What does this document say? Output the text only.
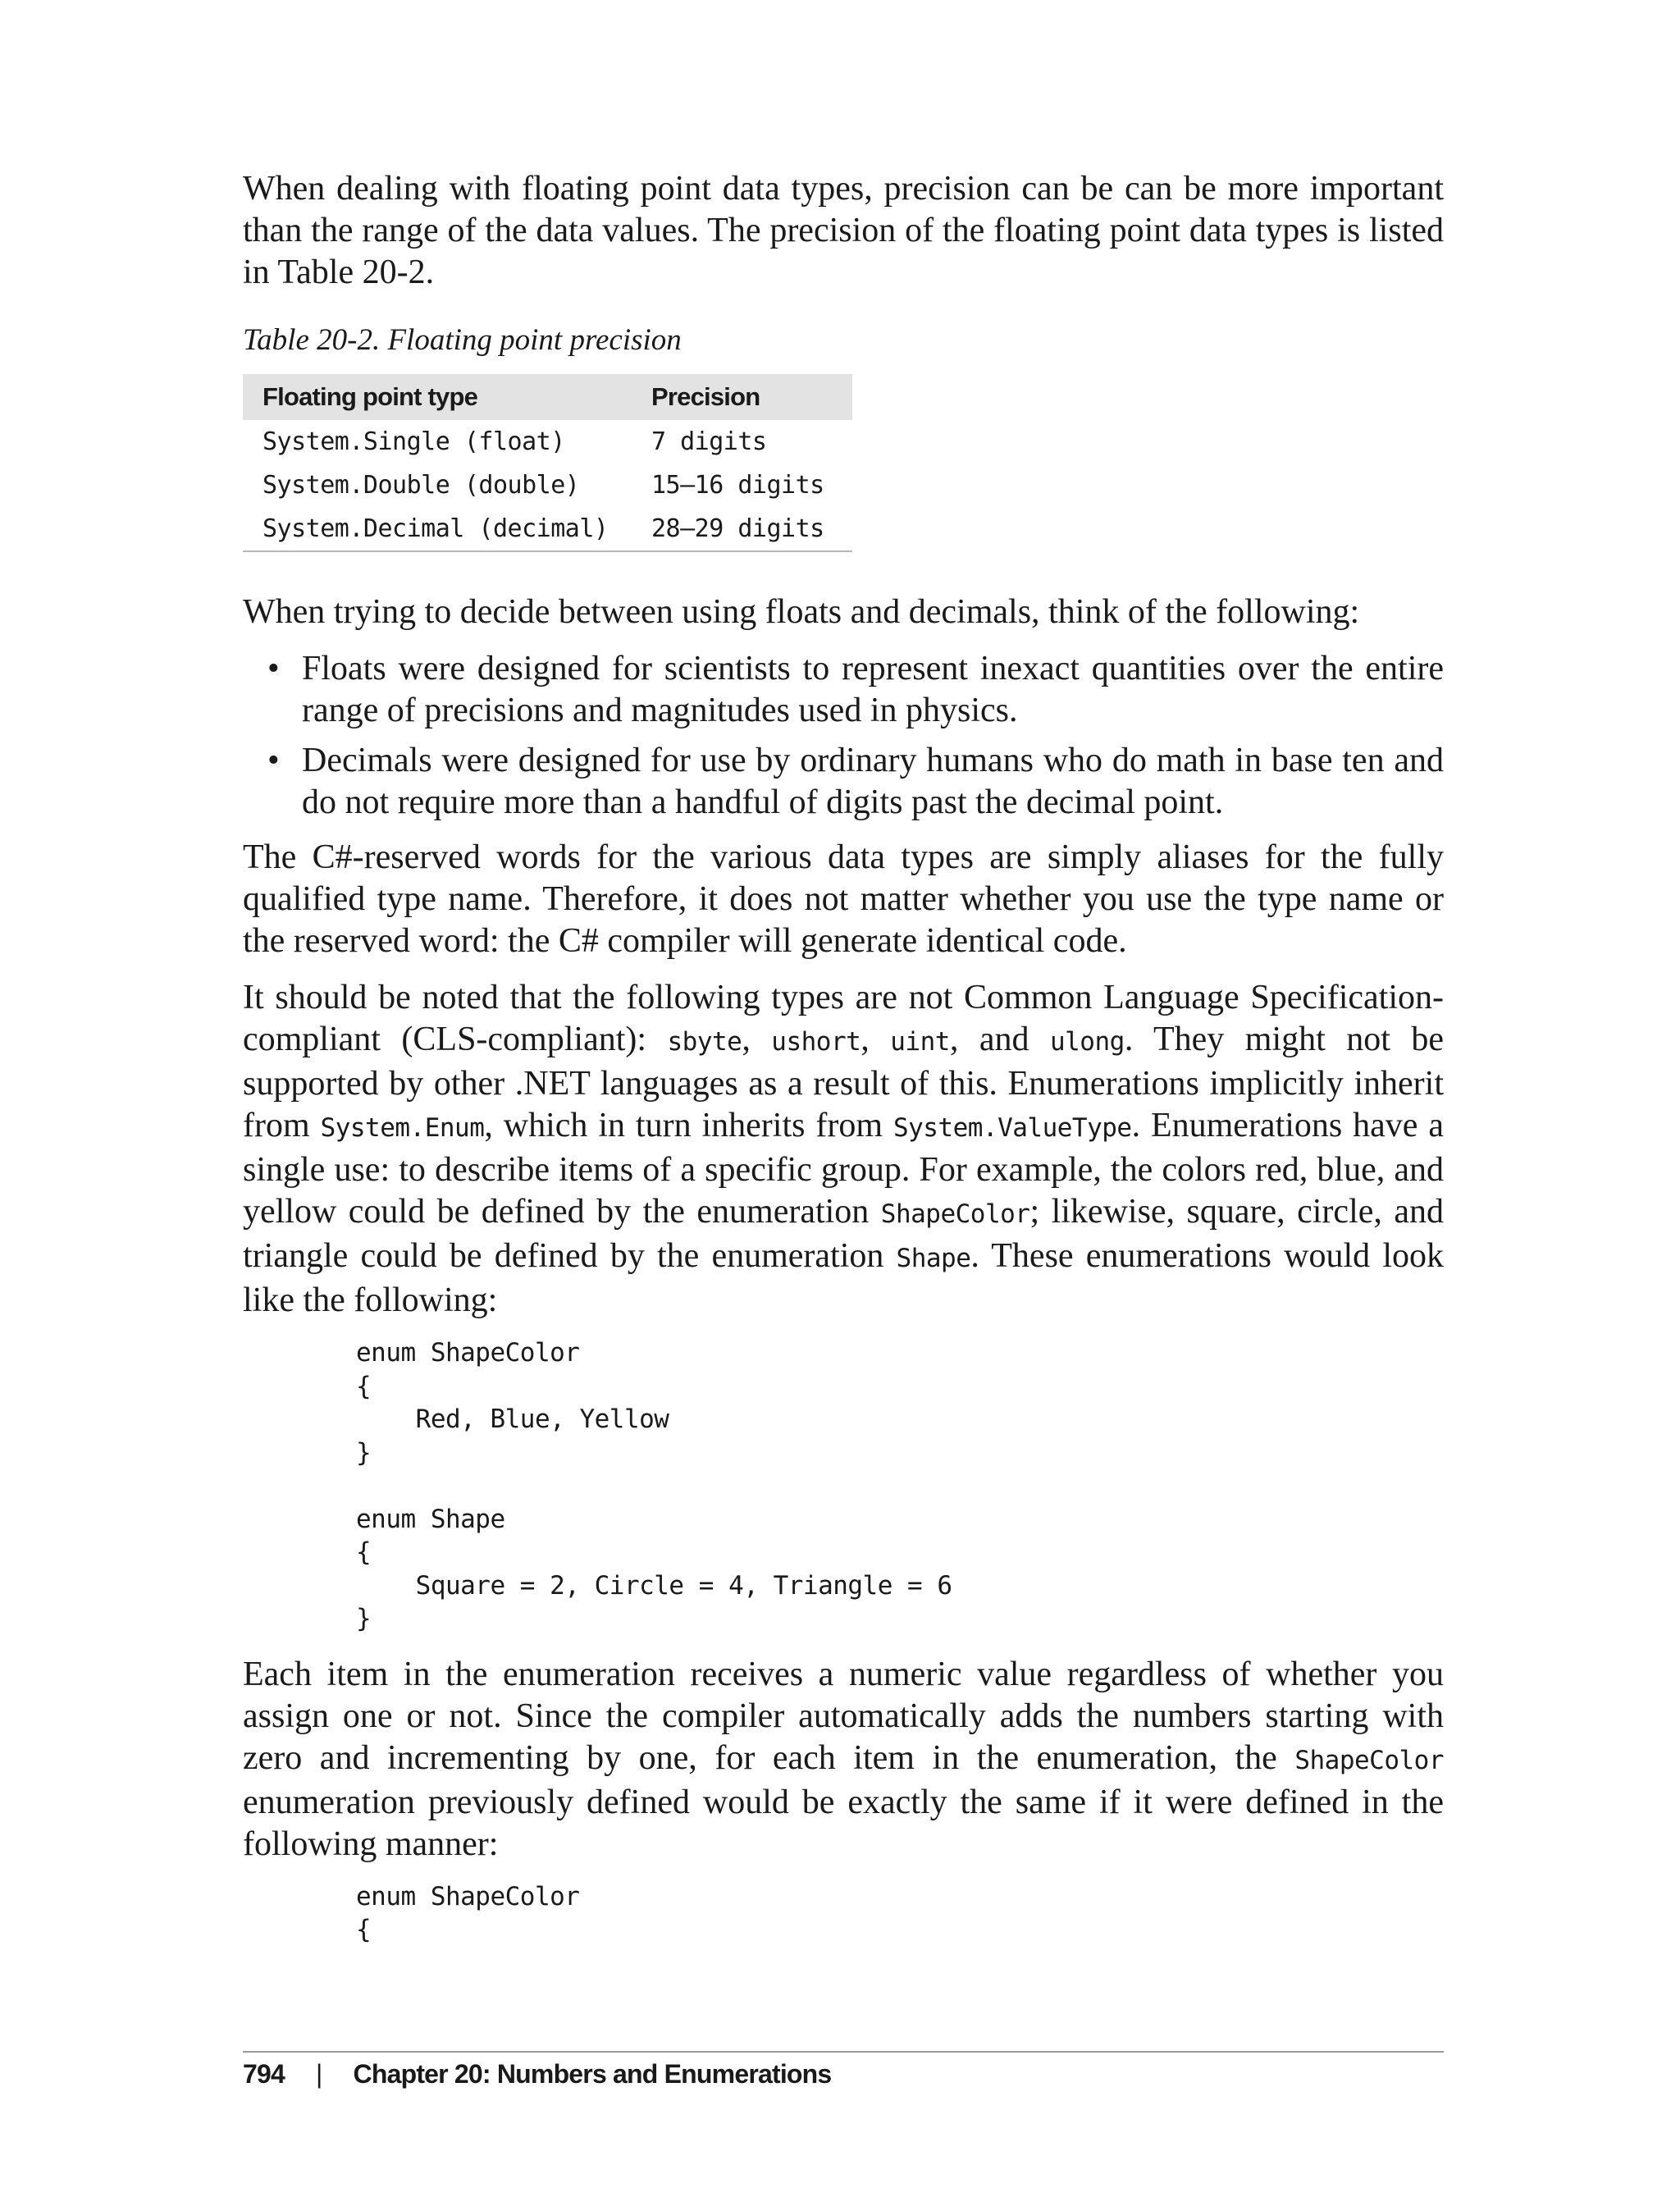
When dealing with floating point data types, precision can be can be more important than the range of the data values. The precision of the floating point data types is listed in Table 20-2.

Table 20-2. Floating point precision
Floating point type	Precision
System.Single (float)	7 digits
System.Double (double)	15–16 digits
System.Decimal (decimal)	28–29 digits

When trying to decide between using floats and decimals, think of the following:

• Floats were designed for scientists to represent inexact quantities over the entire range of precisions and magnitudes used in physics.
• Decimals were designed for use by ordinary humans who do math in base ten and do not require more than a handful of digits past the decimal point.

The C#-reserved words for the various data types are simply aliases for the fully qualified type name. Therefore, it does not matter whether you use the type name or the reserved word: the C# compiler will generate identical code.

It should be noted that the following types are not Common Language Specification-compliant (CLS-compliant): sbyte, ushort, uint, and ulong. They might not be supported by other .NET languages as a result of this. Enumerations implicitly inherit from System.Enum, which in turn inherits from System.ValueType. Enumerations have a single use: to describe items of a specific group. For example, the colors red, blue, and yellow could be defined by the enumeration ShapeColor; likewise, square, circle, and triangle could be defined by the enumeration Shape. These enumerations would look like the following:

enum ShapeColor
{
Red, Blue, Yellow
}

enum Shape
{
Square = 2, Circle = 4, Triangle = 6
}

Each item in the enumeration receives a numeric value regardless of whether you assign one or not. Since the compiler automatically adds the numbers starting with zero and incrementing by one, for each item in the enumeration, the ShapeColor enumeration previously defined would be exactly the same if it were defined in the following manner:

enum ShapeColor
{
794 | Chapter 20: Numbers and Enumerations
